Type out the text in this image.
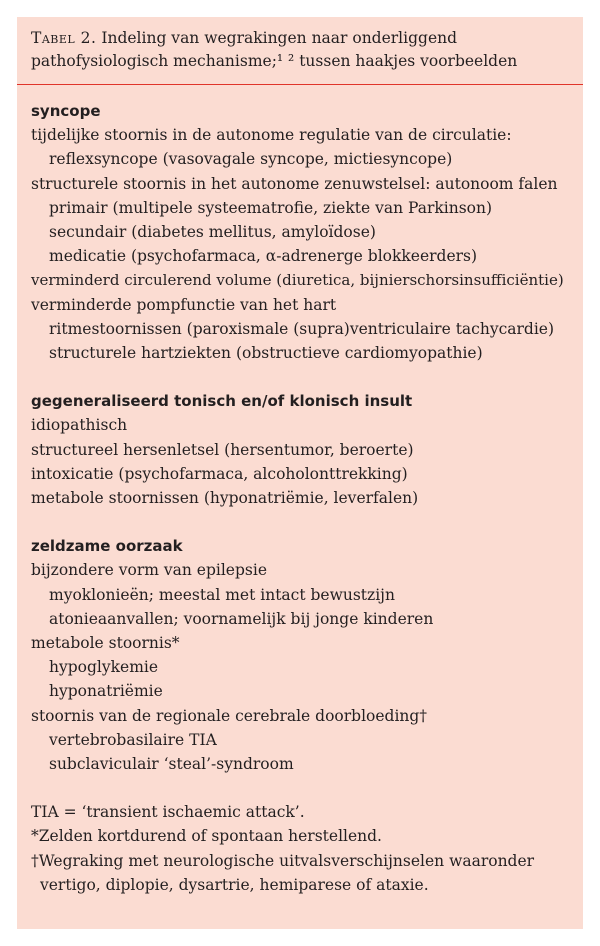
Tabel 2. Indeling van wegrakingen naar onderliggend pathofysiologisch mechanisme;¹ ² tussen haakjes voorbeelden
syncope
tijdelijke stoornis in de autonome regulatie van de circulatie: reflexsyncope (vasovagale syncope, mictiesyncope)
structurele stoornis in het autonome zenuwstelsel: autonoom falen
primair (multipele systeematrofie, ziekte van Parkinson)
secundair (diabetes mellitus, amyloïdose)
medicatie (psychofarmaca, α-adrenerge blokkeerders)
verminderd circulerend volume (diuretica, bijnierschorsinsufficiëntie)
verminderde pompfunctie van het hart
ritmestoornissen (paroxismale (supra)ventriculaire tachycardie)
structurele hartziekten (obstructieve cardiomyopathie)
gegeneraliseerd tonisch en/of klonisch insult
idiopathisch
structureel hersenletsel (hersentumor, beroerte)
intoxicatie (psychofarmaca, alcoholonttrekking)
metabole stoornissen (hyponatriëmie, leverfalen)
zeldzame oorzaak
bijzondere vorm van epilepsie
myoklonieën; meestal met intact bewustzijn
atonieaanvallen; voornamelijk bij jonge kinderen
metabole stoornis*
hypoglykemie
hyponatriëmie
stoornis van de regionale cerebrale doorbloeding†
vertebrobasilaire TIA
subclaviculair ‘steal’-syndroom
TIA = ‘transient ischaemic attack’.
*Zelden kortdurend of spontaan herstellend.
†Wegraking met neurologische uitvalsverschijnselen waaronder vertigo, diplopie, dysartrie, hemiparese of ataxie.
